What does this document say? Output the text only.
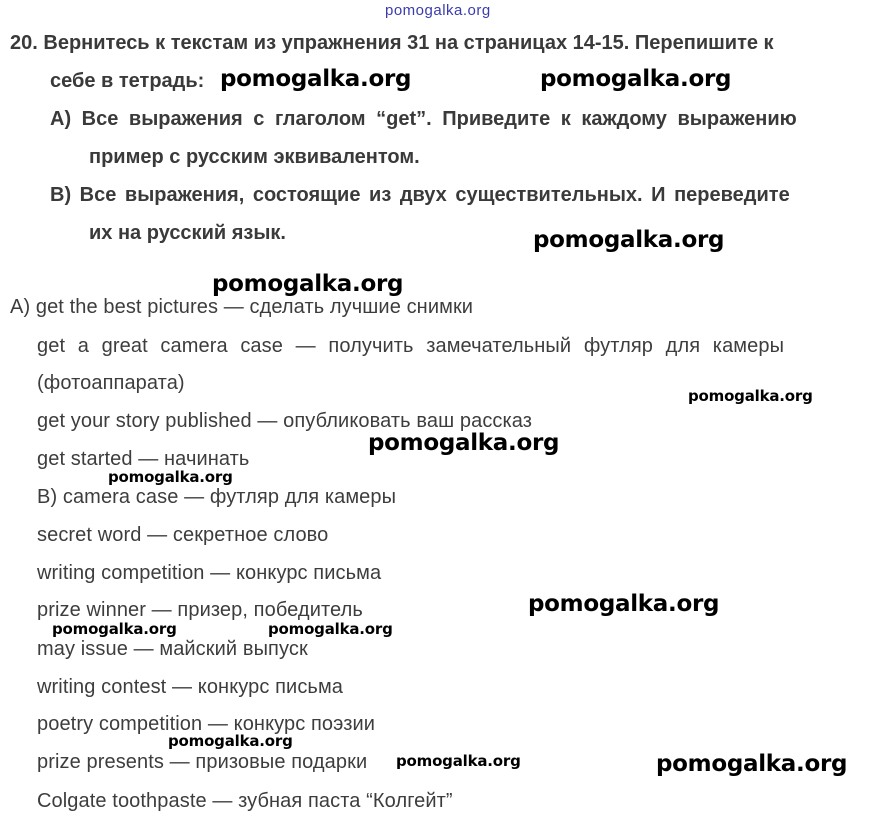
pomogalka.org
20. Вернитесь к текстам из упражнения 31 на страницах 14-15. Перепишите к
себе в тетрадь:
A) Все выражения с глаголом “get”. Приведите к каждому выражению
пример с русским эквивалентом.
B) Все выражения, состоящие из двух существительных. И переведите
их на русский язык.
A) get the best pictures — сделать лучшие снимки
get a great camera case — получить замечательный футляр для камеры
(фотоаппарата)
get your story published — опубликовать ваш рассказ
get started — начинать
B) camera case — футляр для камеры
secret word — секретное слово
writing competition — конкурс письма
prize winner — призер, победитель
may issue — майский выпуск
writing contest — конкурс письма
poetry competition — конкурс поэзии
prize presents — призовые подарки
Colgate toothpaste — зубная паста “Колгейт”
pomogalka.org	pomogalka.org
pomogalka.org
pomogalka.org
pomogalka.org
pomogalka.org
pomogalka.org
pomogalka.org
pomogalka.org	pomogalka.org
pomogalka.org
pomogalka.org	pomogalka.org
